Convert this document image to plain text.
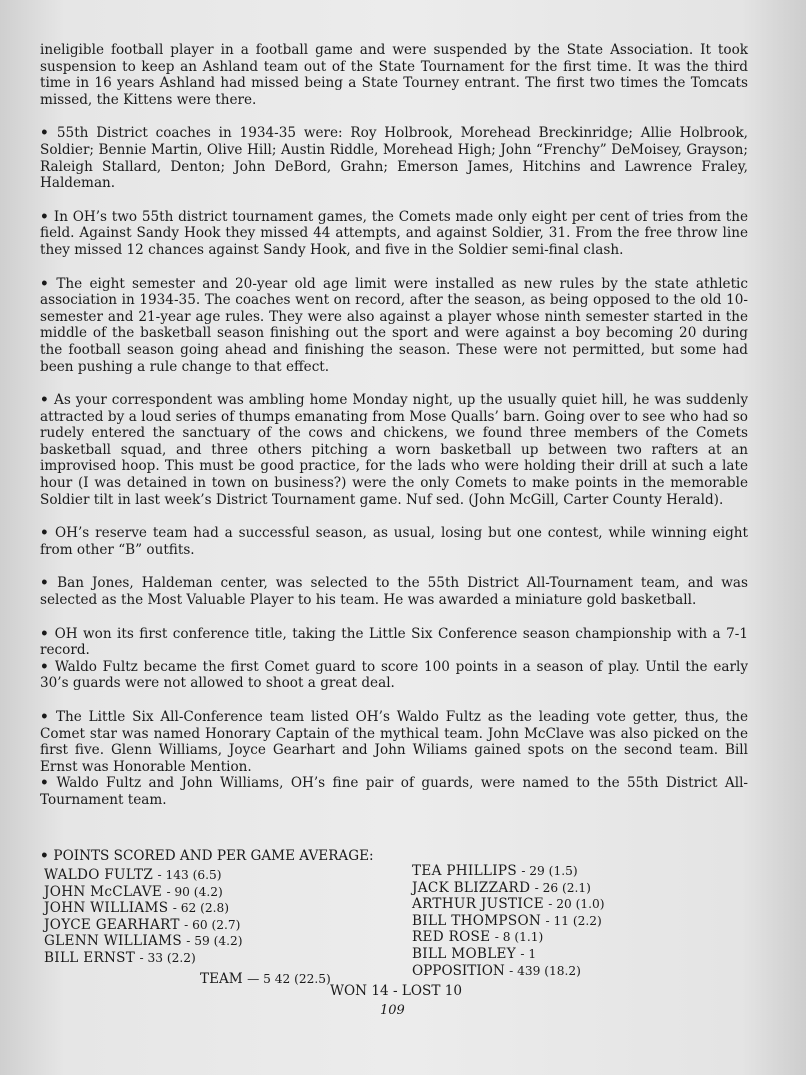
ineligible football player in a football game and were suspended by the State Association. It took suspension to keep an Ashland team out of the State Tournament for the first time. It was the third time in 16 years Ashland had missed being a State Tourney entrant. The first two times the Tomcats missed, the Kittens were there.

• 55th District coaches in 1934-35 were: Roy Holbrook, Morehead Breckinridge; Allie Holbrook, Soldier; Bennie Martin, Olive Hill; Austin Riddle, Morehead High; John “Frenchy” DeMoisey, Grayson; Raleigh Stallard, Denton; John DeBord, Grahn; Emerson James, Hitchins and Lawrence Fraley, Haldeman.

• In OH’s two 55th district tournament games, the Comets made only eight per cent of tries from the field. Against Sandy Hook they missed 44 attempts, and against Soldier, 31. From the free throw line they missed 12 chances against Sandy Hook, and five in the Soldier semi-final clash.

• The eight semester and 20-year old age limit were installed as new rules by the state athletic association in 1934-35. The coaches went on record, after the season, as being opposed to the old 10-semester and 21-year age rules. They were also against a player whose ninth semester started in the middle of the basketball season finishing out the sport and were against a boy becoming 20 during the football season going ahead and finishing the season. These were not permitted, but some had been pushing a rule change to that effect.

• As your correspondent was ambling home Monday night, up the usually quiet hill, he was suddenly attracted by a loud series of thumps emanating from Mose Qualls’ barn. Going over to see who had so rudely entered the sanctuary of the cows and chickens, we found three members of the Comets basketball squad, and three others pitching a worn basketball up between two rafters at an improvised hoop. This must be good practice, for the lads who were holding their drill at such a late hour (I was detained in town on business?) were the only Comets to make points in the memorable Soldier tilt in last week’s District Tournament game. Nuf sed. (John McGill, Carter County Herald).

• OH’s reserve team had a successful season, as usual, losing but one contest, while winning eight from other “B” outfits.

• Ban Jones, Haldeman center, was selected to the 55th District All-Tournament team, and was selected as the Most Valuable Player to his team. He was awarded a miniature gold basketball.

• OH won its first conference title, taking the Little Six Conference season championship with a 7-1 record.

• Waldo Fultz became the first Comet guard to score 100 points in a season of play. Until the early 30’s guards were not allowed to shoot a great deal.

• The Little Six All-Conference team listed OH’s Waldo Fultz as the leading vote getter, thus, the Comet star was named Honorary Captain of the mythical team. John McClave was also picked on the first five. Glenn Williams, Joyce Gearhart and John Wiliams gained spots on the second team. Bill Ernst was Honorable Mention.

• Waldo Fultz and John Williams, OH’s fine pair of guards, were named to the 55th District All-Tournament team.

• POINTS SCORED AND PER GAME AVERAGE:
WALDO FULTZ - 143 (6.5)
JOHN McCLAVE - 90 (4.2)
JOHN WILLIAMS - 62 (2.8)
JOYCE GEARHART - 60 (2.7)
GLENN WILLIAMS - 59 (4.2)
BILL ERNST - 33 (2.2)
TEA PHILLIPS - 29 (1.5)
JACK BLIZZARD - 26 (2.1)
ARTHUR JUSTICE - 20 (1.0)
BILL THOMPSON - 11 (2.2)
RED ROSE - 8 (1.1)
BILL MOBLEY - 1
TEAM — 5 42 (22.5)	OPPOSITION - 439 (18.2)
WON 14 - LOST 10
109
